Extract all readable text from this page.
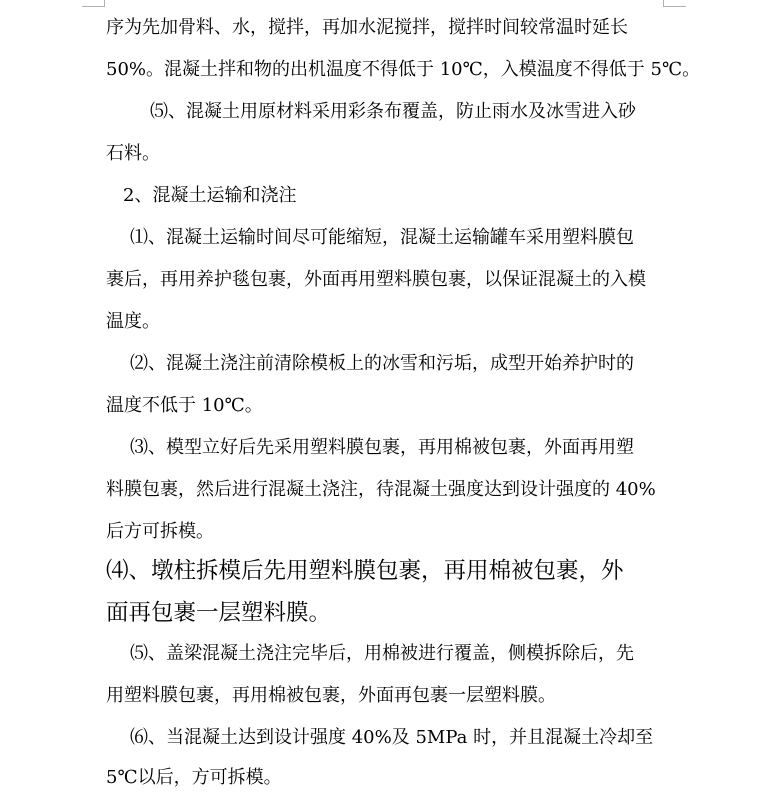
序为先加骨料、水，搅拌，再加水泥搅拌，搅拌时间较常温时延长
50%。混凝土拌和物的出机温度不得低于 10℃，入模温度不得低于 5℃。
⑸、混凝土用原材料采用彩条布覆盖，防止雨水及冰雪进入砂
石料。
2、混凝土运输和浇注
⑴、混凝土运输时间尽可能缩短，混凝土运输罐车采用塑料膜包
裹后，再用养护毯包裹，外面再用塑料膜包裹，以保证混凝土的入模
温度。
⑵、混凝土浇注前清除模板上的冰雪和污垢，成型开始养护时的
温度不低于 10℃。
⑶、模型立好后先采用塑料膜包裹，再用棉被包裹，外面再用塑
料膜包裹，然后进行混凝土浇注，待混凝土强度达到设计强度的 40%
后方可拆模。
⑷、墩柱拆模后先用塑料膜包裹，再用棉被包裹，外
面再包裹一层塑料膜。
⑸、盖梁混凝土浇注完毕后，用棉被进行覆盖，侧模拆除后，先
用塑料膜包裹，再用棉被包裹，外面再包裹一层塑料膜。
⑹、当混凝土达到设计强度 40%及 5MPa 时，并且混凝土冷却至
5℃以后，方可拆模。
